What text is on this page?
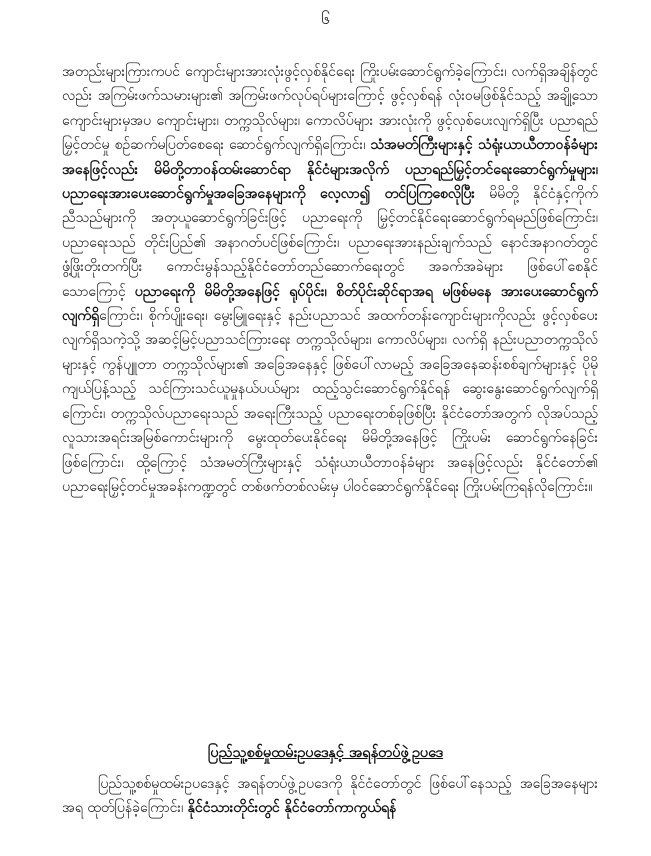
၆

အတည်းများကြားကပင် ကျောင်းများအားလုံးဖွင့်လှစ်နိုင်ရေး ကြိုးပမ်းဆောင်ရွက်ခဲ့ကြောင်း၊ လက်ရှိအချိန်တွင်လည်း အကြမ်းဖက်သမားများ၏ အကြမ်းဖက်လုပ်ရပ်များကြောင့် ဖွင့်လှစ်ရန် လုံးဝမဖြစ်နိုင်သည့် အချို့သောကျောင်းများမှအပ ကျောင်းများ၊ တက္ကသိုလ်များ၊ ကောလိပ်များ အားလုံးကို ဖွင့်လှစ်ပေးလျက်ရှိပြီး ပညာရည်မြှင့်တင်မှု စဉ်ဆက်မပြတ်စေရေး ဆောင်ရွက်လျက်ရှိကြောင်း၊ သံအမတ်ကြီးများနှင့် သံရုံးယာယီတာဝန်ခံများအနေဖြင့်လည်း မိမိတို့တာဝန်ထမ်းဆောင်ရာ နိုင်ငံများအလိုက် ပညာရည်မြှင့်တင်ရေးဆောင်ရွက်မှုများ၊ ပညာရေးအားပေးဆောင်ရွက်မှုအခြေအနေများကို လေ့လာ၍ တင်ပြကြစေလိုပြီး မိမိတို့ နိုင်ငံနှင့်ကိုက်ညီသည်များကို အတုယူဆောင်ရွက်ခြင်းဖြင့် ပညာရေးကို မြှင့်တင်နိုင်ရေးဆောင်ရွက်ရမည်ဖြစ်ကြောင်း၊ ပညာရေးသည် တိုင်းပြည်၏ အနာဂတ်ပင်ဖြစ်ကြောင်း၊ ပညာရေးအားနည်းချက်သည် နောင်အနာဂတ်တွင် ဖွံ့ဖြိုးတိုးတက်ပြီး ကောင်းမွန်သည့်နိုင်ငံတော်တည်ဆောက်ရေးတွင် အခက်အခဲများ ဖြစ်ပေါ်စေနိုင်သောကြောင့် ပညာရေးကို မိမိတို့အနေဖြင့် ရုပ်ပိုင်း၊ စိတ်ပိုင်းဆိုင်ရာအရ မဖြစ်မနေ အားပေးဆောင်ရွက်လျက်ရှိကြောင်း၊ စိုက်ပျိုးရေး၊ မွေးမြူရေးနှင့် နည်းပညာသင် အထက်တန်းကျောင်းများကိုလည်း ဖွင့်လှစ်ပေးလျက်ရှိသကဲ့သို့ အဆင့်မြင့်ပညာသင်ကြားရေး တက္ကသိုလ်များ၊ ကောလိပ်များ၊ လက်ရှိ နည်းပညာတက္ကသိုလ်များနှင့် ကွန်ပျူတာ တက္ကသိုလ်များ၏ အခြေအနေနှင့် ဖြစ်ပေါ်လာမည့် အခြေအနေဆန်းစစ်ချက်များနှင့် ပိုမိုကျယ်ပြန့်သည့် သင်ကြားသင်ယူမှုနယ်ပယ်များ ထည့်သွင်းဆောင်ရွက်နိုင်ရန် ဆွေးနွေးဆောင်ရွက်လျက်ရှိကြောင်း၊ တက္ကသိုလ်ပညာရေးသည် အရေးကြီးသည့် ပညာရေးတစ်ခုဖြစ်ပြီး နိုင်ငံတော်အတွက် လိုအပ်သည့် လူသားအရင်းအမြစ်ကောင်းများကို မွေးထုတ်ပေးနိုင်ရေး မိမိတို့အနေဖြင့် ကြိုးပမ်း ဆောင်ရွက်နေခြင်းဖြစ်ကြောင်း၊ ထို့ကြောင့် သံအမတ်ကြီးများနှင့် သံရုံးယာယီတာဝန်ခံများ အနေဖြင့်လည်း နိုင်ငံတော်၏ ပညာရေးမြှင့်တင်မှုအခန်းကဏ္ဍတွင် တစ်ဖက်တစ်လမ်းမှ ပါဝင်ဆောင်ရွက်နိုင်ရေး ကြိုးပမ်းကြရန်လိုကြောင်း။

ပြည်သူ့စစ်မှုထမ်းဥပဒေနှင့် အရန်တပ်ဖွဲ့ဥပဒေ

ပြည်သူ့စစ်မှုထမ်းဥပဒေနှင့် အရန်တပ်ဖွဲ့ဥပဒေကို နိုင်ငံတော်တွင် ဖြစ်ပေါ်နေသည့် အခြေအနေများအရ ထုတ်ပြန်ခဲ့ကြောင်း၊ နိုင်ငံသားတိုင်းတွင် နိုင်ငံတော်ကာကွယ်ရန်
